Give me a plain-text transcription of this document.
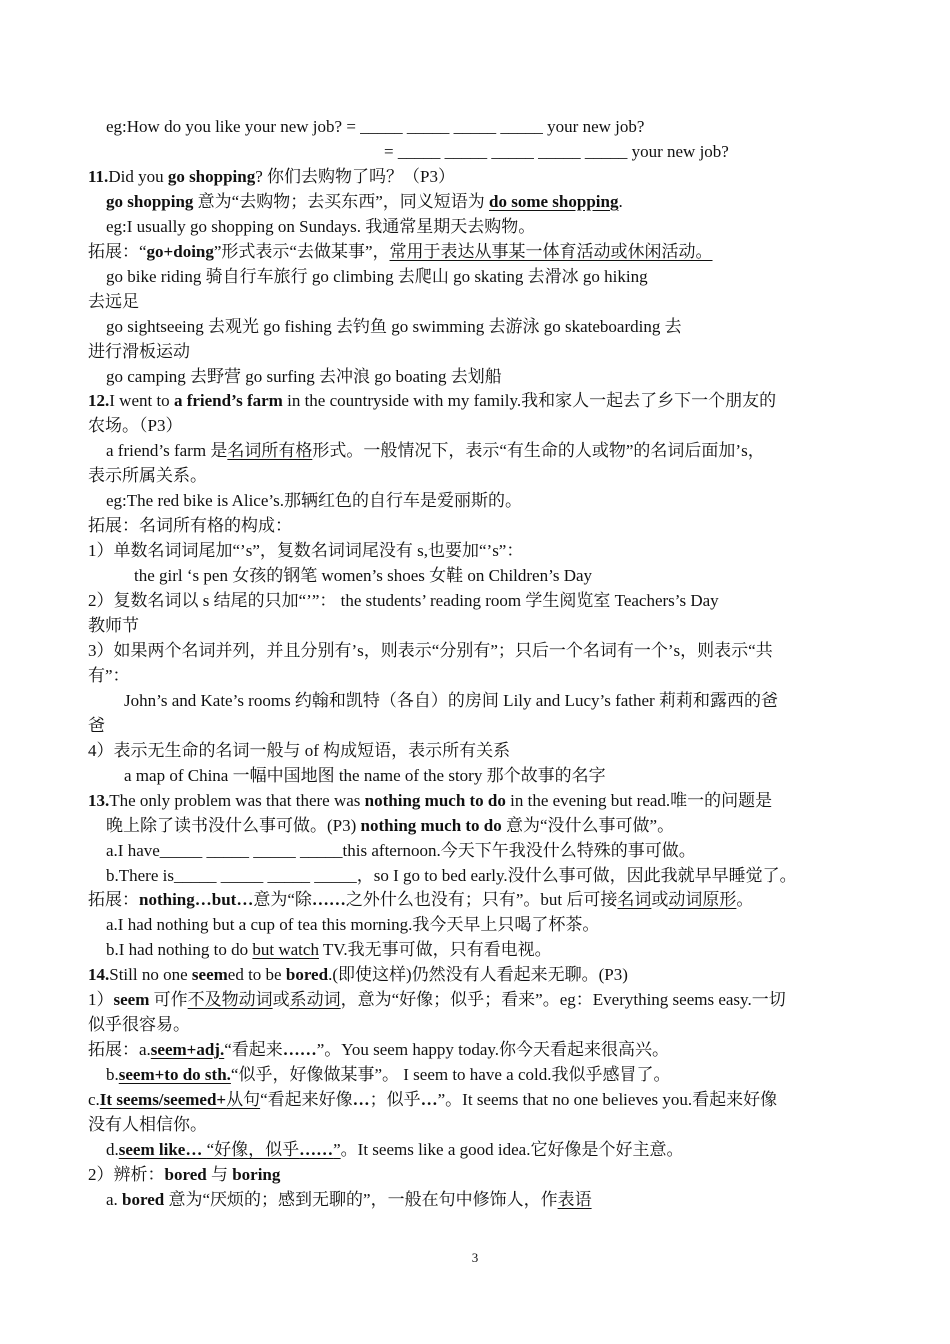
3
eg:How do you like your new job? = _____ _____ _____ _____ your new job?
= _____ _____ _____ _____ _____ your new job?
11.Did you go shopping? 你们去购物了吗？（P3）
go shopping 意为“去购物；去买东西”，同义短语为 do some shopping.
eg:I usually go shopping on Sundays. 我通常星期天去购物。
拓展：“go+doing”形式表示“去做某事”，常用于表达从事某一体育活动或休闲活动。
go bike riding 骑自行车旅行 go climbing 去爬山 go skating 去滑冰 go hiking
去远足
go sightseeing 去观光 go fishing 去钓鱼 go swimming 去游泳 go skateboarding 去
进行滑板运动
go camping 去野营 go surfing 去冲浪 go boating 去划船
12.I went to a friend’s farm in the countryside with my family.我和家人一起去了乡下一个朋友的
农场。（P3）
a friend’s farm 是名词所有格形式。一般情况下，表示“有生命的人或物”的名词后面加’s，
表示所属关系。
eg:The red bike is Alice’s.那辆红色的自行车是爱丽斯的。
拓展：名词所有格的构成：
1）单数名词词尾加“’s”，复数名词词尾没有 s,也要加“’s”：
the girl ‘s pen 女孩的钢笔 women’s shoes 女鞋 on Children’s Day
2）复数名词以 s 结尾的只加“’”： the students’ reading room 学生阅览室 Teachers’s Day
教师节
3）如果两个名词并列，并且分别有’s，则表示“分别有”；只后一个名词有一个’s，则表示“共
有”：
John’s and Kate’s rooms 约翰和凯特（各自）的房间 Lily and Lucy’s father 莉莉和露西的爸
爸
4）表示无生命的名词一般与 of 构成短语，表示所有关系
a map of China 一幅中国地图 the name of the story 那个故事的名字
13.The only problem was that there was nothing much to do in the evening but read.唯一的问题是
晚上除了读书没什么事可做。(P3) nothing much to do 意为“没什么事可做”。
a.I have_____ _____ _____ _____this afternoon.今天下午我没什么特殊的事可做。
b.There is_____ _____ _____ _____，so I go to bed early.没什么事可做，因此我就早早睡觉了。
拓展：nothing…but…意为“除……之外什么也没有；只有”。but 后可接名词或动词原形。
a.I had nothing but a cup of tea this morning.我今天早上只喝了杯茶。
b.I had nothing to do but watch TV.我无事可做，只有看电视。
14.Still no one seemed to be bored.(即使这样)仍然没有人看起来无聊。(P3)
1）seem 可作不及物动词或系动词，意为“好像；似乎；看来”。eg：Everything seems easy.一切
似乎很容易。
拓展：a.seem+adj.“看起来……”。You seem happy today.你今天看起来很高兴。
b.seem+to do sth.“似乎，好像做某事”。 I seem to have a cold.我似乎感冒了。
c.It seems/seemed+从句“看起来好像…；似乎…”。It seems that no one believes you.看起来好像
没有人相信你。
d.seem like… “好像，似乎……”。It seems like a good idea.它好像是个好主意。
2）辨析：bored 与 boring
a. bored 意为“厌烦的；感到无聊的”，一般在句中修饰人，作表语
